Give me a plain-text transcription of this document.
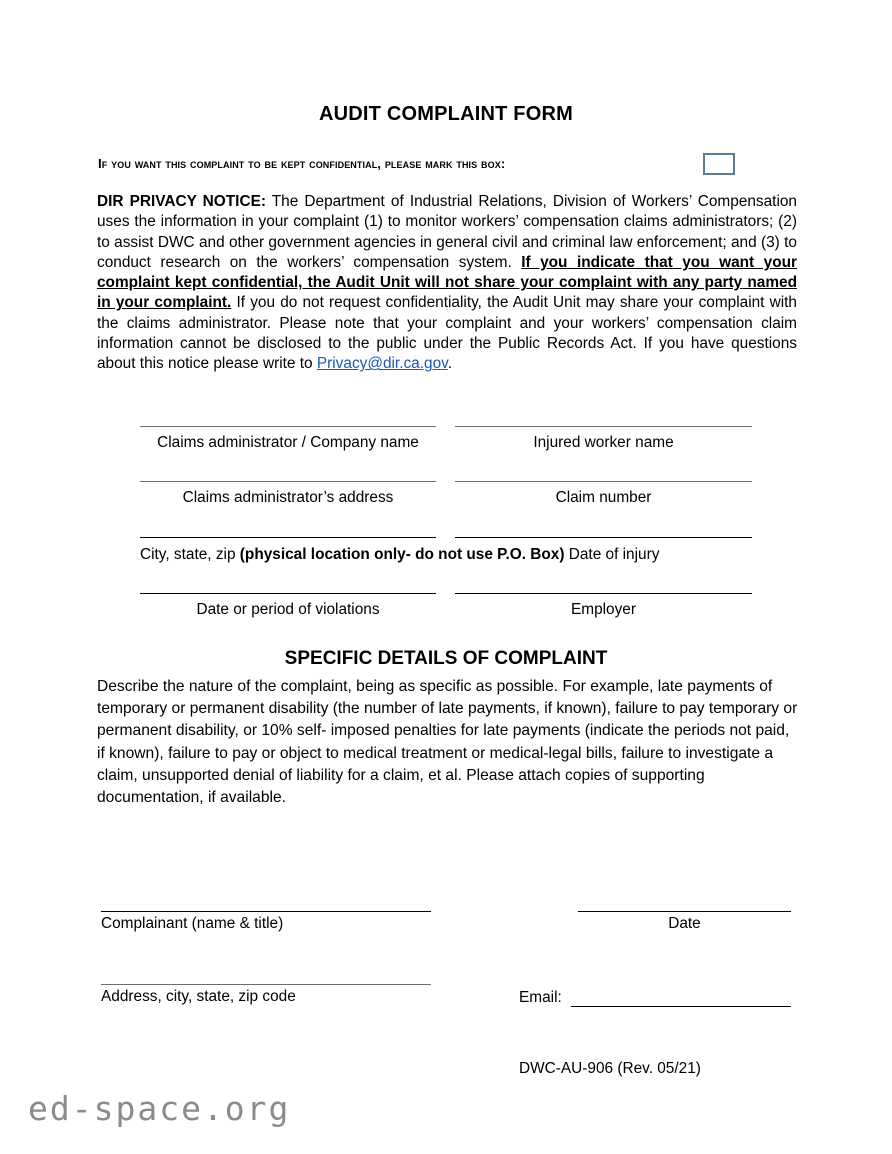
AUDIT COMPLAINT FORM
If you want this complaint to be kept confidential, please mark this box:
DIR PRIVACY NOTICE: The Department of Industrial Relations, Division of Workers’ Compensation uses the information in your complaint (1) to monitor workers’ compensation claims administrators; (2) to assist DWC and other government agencies in general civil and criminal law enforcement; and (3) to conduct research on the workers’ compensation system. If you indicate that you want your complaint kept confidential, the Audit Unit will not share your complaint with any party named in your complaint. If you do not request confidentiality, the Audit Unit may share your complaint with the claims administrator. Please note that your complaint and your workers’ compensation claim information cannot be disclosed to the public under the Public Records Act. If you have questions about this notice please write to Privacy@dir.ca.gov.
Claims administrator / Company name	Injured worker name
Claims administrator’s address	Claim number
City, state, zip (physical location only- do not use P.O. Box) Date of injury
Date or period of violations	Employer
SPECIFIC DETAILS OF COMPLAINT
Describe the nature of the complaint, being as specific as possible. For example, late payments of temporary or permanent disability (the number of late payments, if known), failure to pay temporary or permanent disability, or 10% self- imposed penalties for late payments (indicate the periods not paid, if known), failure to pay or object to medical treatment or medical-legal bills, failure to investigate a claim, unsupported denial of liability for a claim, et al. Please attach copies of supporting documentation, if available.
Complainant (name & title)	Date
Address, city, state, zip code	Email:
DWC-AU-906 (Rev. 05/21)
ed-space.org
